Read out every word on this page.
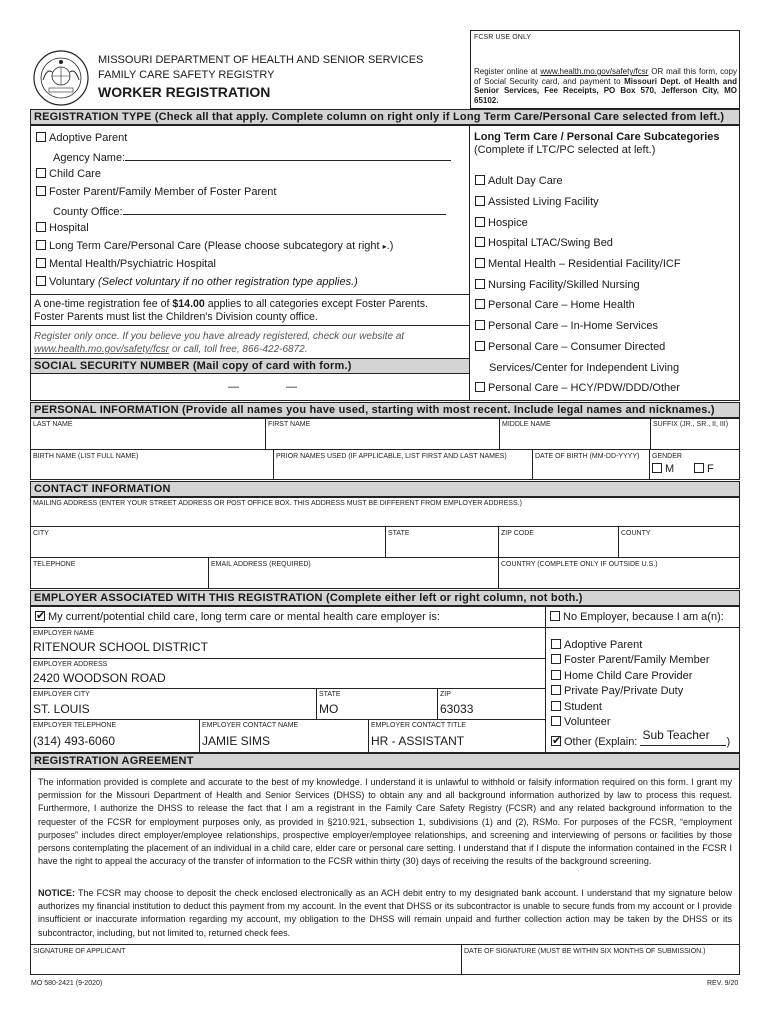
MISSOURI DEPARTMENT OF HEALTH AND SENIOR SERVICES
FAMILY CARE SAFETY REGISTRY
WORKER REGISTRATION
FCSR USE ONLY
Register online at www.health.mo.gov/safety/fcsr OR mail this form, copy of Social Security card, and payment to Missouri Dept. of Health and Senior Services, Fee Receipts, PO Box 570, Jefferson City, MO 65102.
REGISTRATION TYPE (Check all that apply. Complete column on right only if Long Term Care/Personal Care selected from left.)
Adoptive Parent
Agency Name:
Child Care
Foster Parent/Family Member of Foster Parent
County Office:
Hospital
Long Term Care/Personal Care (Please choose subcategory at right ▸.)
Mental Health/Psychiatric Hospital
Voluntary (Select voluntary if no other registration type applies.)
A one-time registration fee of $14.00 applies to all categories except Foster Parents.
Foster Parents must list the Children's Division county office.
Register only once. If you believe you have already registered, check our website at
www.health.mo.gov/safety/fcsr or call, toll free, 866-422-6872.
SOCIAL SECURITY NUMBER (Mail copy of card with form.)
—	—
Long Term Care / Personal Care Subcategories
(Complete if LTC/PC selected at left.)
Adult Day Care
Assisted Living Facility
Hospice
Hospital LTAC/Swing Bed
Mental Health – Residential Facility/ICF
Nursing Facility/Skilled Nursing
Personal Care – Home Health
Personal Care – In-Home Services
Personal Care – Consumer Directed
Services/Center for Independent Living
Personal Care – HCY/PDW/DDD/Other
PERSONAL INFORMATION (Provide all names you have used, starting with most recent. Include legal names and nicknames.)
LAST NAME	FIRST NAME	MIDDLE NAME	SUFFIX (JR., SR., II, III)
BIRTH NAME (LIST FULL NAME)	PRIOR NAMES USED (IF APPLICABLE, LIST FIRST AND LAST NAMES)	DATE OF BIRTH (MM-DD-YYYY) GENDER
M	F
CONTACT INFORMATION
MAILING ADDRESS (ENTER YOUR STREET ADDRESS OR POST OFFICE BOX. THIS ADDRESS MUST BE DIFFERENT FROM EMPLOYER ADDRESS.)
CITY	STATE	ZIP CODE	COUNTY
TELEPHONE	EMAIL ADDRESS (REQUIRED)	COUNTRY (COMPLETE ONLY IF OUTSIDE U.S.)
EMPLOYER ASSOCIATED WITH THIS REGISTRATION (Complete either left or right column, not both.)
✔My current/potential child care, long term care or mental health care employer is:	No Employer, because I am a(n):
EMPLOYER NAME
RITENOUR SCHOOL DISTRICT
EMPLOYER ADDRESS
2420 WOODSON ROAD
EMPLOYER CITY
ST. LOUIS
STATE
MO
ZIP
63033
EMPLOYER TELEPHONE
(314) 493-6060
EMPLOYER CONTACT NAME
JAMIE SIMS
EMPLOYER CONTACT TITLE
HR - ASSISTANT
Adoptive Parent
Foster Parent/Family Member
Home Child Care Provider
Private Pay/Private Duty
Student
Volunteer
✔Other (Explain: Sub Teacher )
REGISTRATION AGREEMENT
The information provided is complete and accurate to the best of my knowledge. I understand it is unlawful to withhold or falsify information required on this form. I grant my permission for the Missouri Department of Health and Senior Services (DHSS) to obtain any and all background information authorized by law to process this request. Furthermore, I authorize the DHSS to release the fact that I am a registrant in the Family Care Safety Registry (FCSR) and any related background information to the requester of the FCSR for employment purposes only, as provided in §210.921, subsection 1, subdivisions (1) and (2), RSMo. For purposes of the FCSR, “employment purposes” includes direct employer/employee relationships, prospective employer/employee relationships, and screening and interviewing of persons or facilities by those persons contemplating the placement of an individual in a child care, elder care or personal care setting. I understand that if I dispute the information contained in the FCSR I have the right to appeal the accuracy of the transfer of information to the FCSR within thirty (30) days of receiving the results of the background screening.
NOTICE: The FCSR may choose to deposit the check enclosed electronically as an ACH debit entry to my designated bank account. I understand that my signature below authorizes my financial institution to deduct this payment from my account. In the event that DHSS or its subcontractor is unable to secure funds from my account or I provide insufficient or inaccurate information regarding my account, my obligation to the DHSS will remain unpaid and further collection action may be taken by the DHSS or its subcontractor, including, but not limited to, returned check fees.
SIGNATURE OF APPLICANT	DATE OF SIGNATURE (MUST BE WITHIN SIX MONTHS OF SUBMISSION.)
MO 580-2421 (9-2020)	REV. 9/20
